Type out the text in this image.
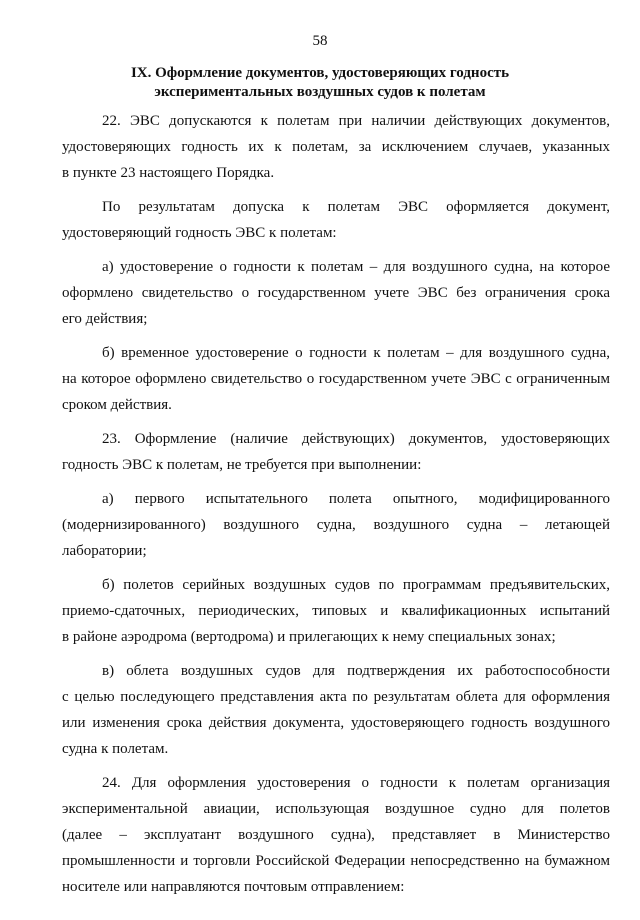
58
IX. Оформление документов, удостоверяющих годность
экспериментальных воздушных судов к полетам

22. ЭВС допускаются к полетам при наличии действующих документов,
удостоверяющих годность их к полетам, за исключением случаев, указанных
в пункте 23 настоящего Порядка.

По результатам допуска к полетам ЭВС оформляется документ,
удостоверяющий годность ЭВС к полетам:

а) удостоверение о годности к полетам – для воздушного судна, на которое
оформлено свидетельство о государственном учете ЭВС без ограничения срока
его действия;

б) временное удостоверение о годности к полетам – для воздушного судна,
на которое оформлено свидетельство о государственном учете ЭВС с ограниченным
сроком действия.

23. Оформление (наличие действующих) документов, удостоверяющих
годность ЭВС к полетам, не требуется при выполнении:

а) первого испытательного полета опытного, модифицированного
(модернизированного) воздушного судна, воздушного судна – летающей
лаборатории;

б) полетов серийных воздушных судов по программам предъявительских,
приемо-сдаточных, периодических, типовых и квалификационных испытаний
в районе аэродрома (вертодрома) и прилегающих к нему специальных зонах;

в) облета воздушных судов для подтверждения их работоспособности
с целью последующего представления акта по результатам облета для оформления
или изменения срока действия документа, удостоверяющего годность воздушного
судна к полетам.

24. Для оформления удостоверения о годности к полетам организация
экспериментальной авиации, использующая воздушное судно для полетов
(далее – эксплуатант воздушного судна), представляет в Министерство
промышленности и торговли Российской Федерации непосредственно на бумажном
носителе или направляются почтовым отправлением:
